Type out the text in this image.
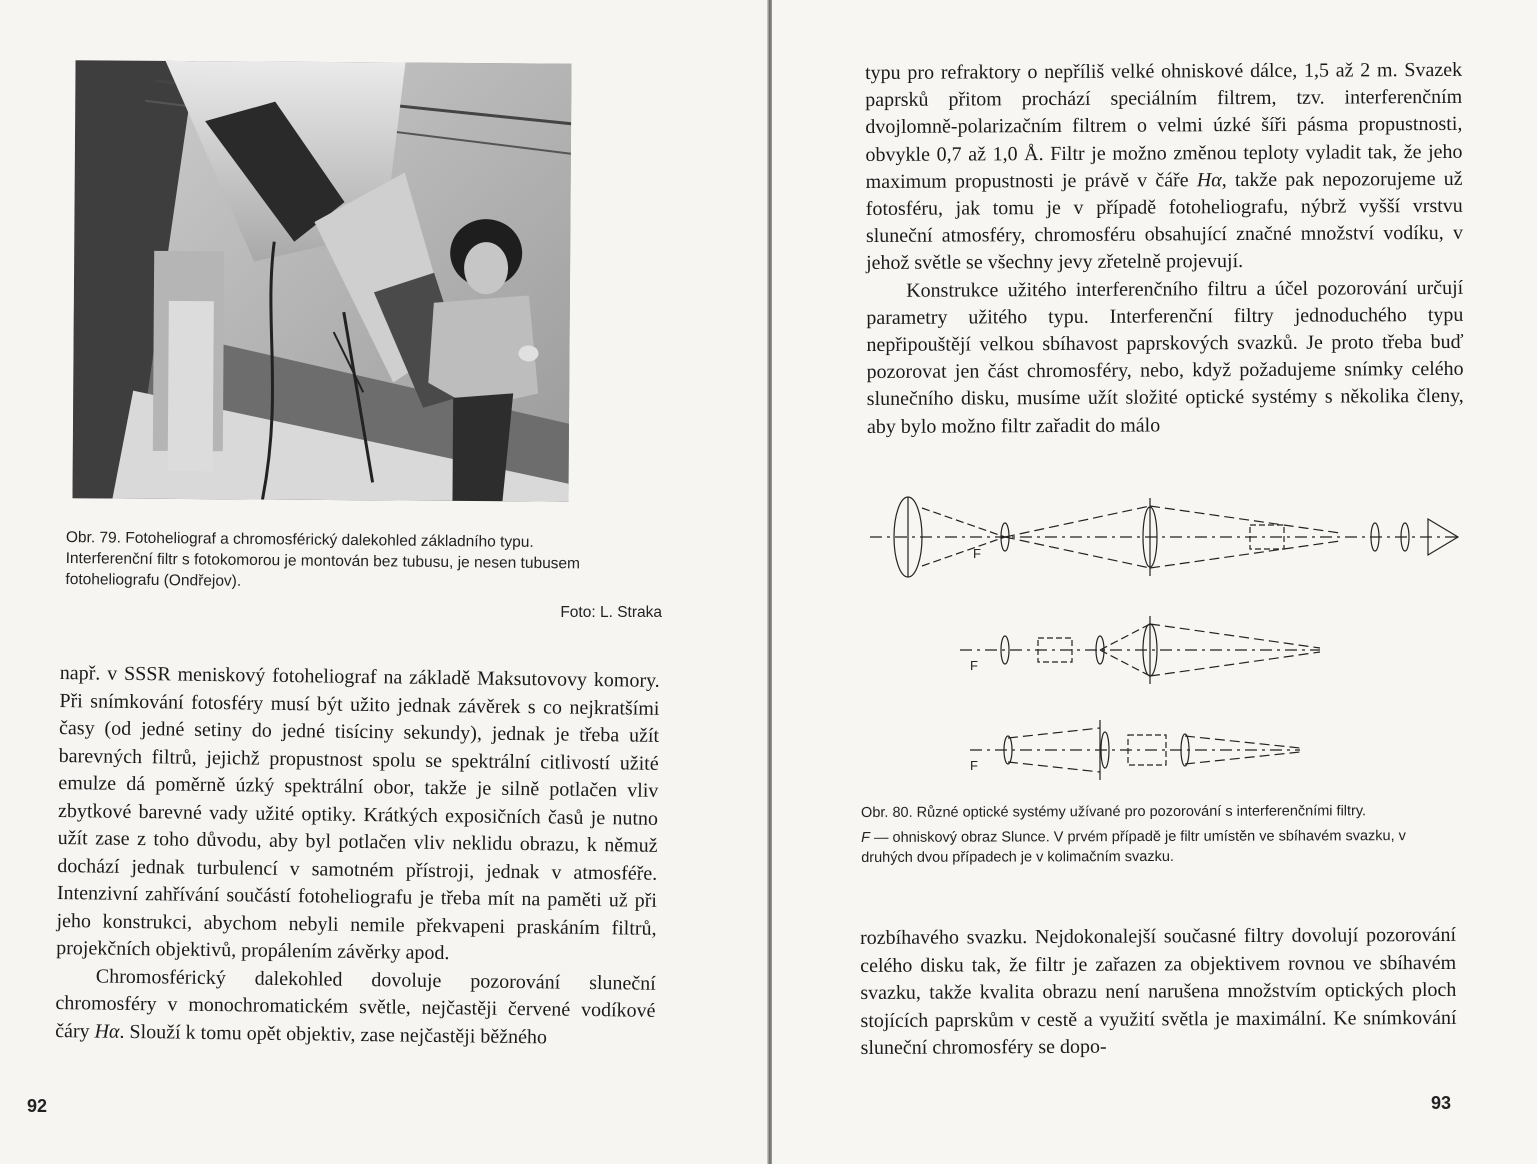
Obr. 79. Fotoheliograf a chromosférický dalekohled základního typu.

Interferenční filtr s fotokomorou je montován bez tubusu, je nesen tubusem

fotoheliografu (Ondřejov).

Foto: L. Straka

např. v SSSR meniskový fotoheliograf na základě Maksutovovy komory. Při snímkování fotosféry musí být užito jednak závěrek s co nejkratšími časy (od jedné setiny do jedné tisíciny sekundy), jednak je třeba užít barevných filtrů, jejichž propustnost spolu se spektrální citlivostí užité emulze dá poměrně úzký spektrální obor, takže je silně potlačen vliv zbytkové barevné vady užité optiky. Krátkých exposičních časů je nutno užít zase z toho důvodu, aby byl potlačen vliv neklidu obrazu, k němuž dochází jednak turbulencí v samotném přístroji, jednak v atmosféře. Intenzivní zahřívání součástí fotoheliografu je třeba mít na paměti už při jeho konstrukci, abychom nebyli nemile překvapeni praskáním filtrů, projekčních objektivů, propálením závěrky apod.

Chromosférický dalekohled dovoluje pozorování sluneční chromosféry v monochromatickém světle, nejčastěji červené vodíkové čáry Hα. Slouží k tomu opět objektiv, zase nejčastěji běžného

92

typu pro refraktory o nepříliš velké ohniskové dálce, 1,5 až 2 m. Svazek paprsků přitom prochází speciálním filtrem, tzv. interferenčním dvojlomně-polarizačním filtrem o velmi úzké šíři pásma propustnosti, obvykle 0,7 až 1,0 Å. Filtr je možno změnou teploty vyladit tak, že jeho maximum propustnosti je právě v čáře Hα, takže pak nepozorujeme už fotosféru, jak tomu je v případě fotoheliografu, nýbrž vyšší vrstvu sluneční atmosféry, chromosféru obsahující značné množství vodíku, v jehož světle se všechny jevy zřetelně projevují.

Konstrukce užitého interferenčního filtru a účel pozorování určují parametry užitého typu. Interferenční filtry jednoduchého typu nepřipouštějí velkou sbíhavost paprskových svazků. Je proto třeba buď pozorovat jen část chromosféry, nebo, když požadujeme snímky celého slunečního disku, musíme užít složité optické systémy s několika členy, aby bylo možno filtr zařadit do málo

F
F
F

Obr. 80. Různé optické systémy užívané pro pozorování s interferenčními filtry.

F — ohniskový obraz Slunce. V prvém případě je filtr umístěn ve sbíhavém svazku, v druhých dvou případech je v kolimačním svazku.

rozbíhavého svazku. Nejdokonalejší současné filtry dovolují pozorování celého disku tak, že filtr je zařazen za objektivem rovnou ve sbíhavém svazku, takže kvalita obrazu není narušena množstvím optických ploch stojících paprskům v cestě a využití světla je maximální. Ke snímkování sluneční chromosféry se dopo-

93
